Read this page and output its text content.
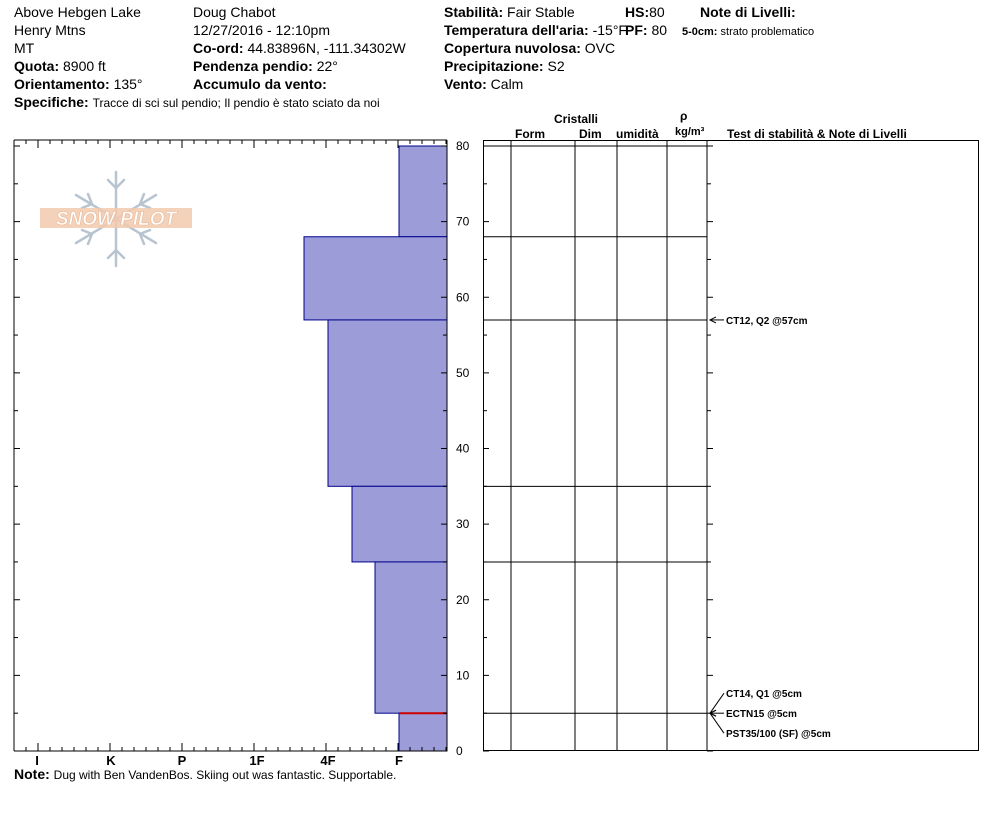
Above Hebgen Lake
Henry Mtns
MT
Quota: 8900 ft
Orientamento: 135°
Specifiche: Tracce di sci sul pendio; Il pendio è stato sciato da noi
Doug Chabot
12/27/2016 - 12:10pm
Co-ord: 44.83896N, -111.34302W
Pendenza pendio: 22°
Accumulo da vento:
Stabilità: Fair Stable
Temperatura dell'aria: -15°F
Copertura nuvolosa: OVC
Precipitazione: S2
Vento: Calm
HS:80
PF: 80
Note di Livelli:
5-0cm: strato problematico
SNOW PILOT
0
10
20
30
40
50
60
70
80
I	K	P	1F	4F	F
Cristalli
Form	Dim umidità
ρ
kg/m³ Test di stabilità & Note di Livelli
CT14, Q1 @5cm
ECTN15 @5cm
PST35/100 (SF) @5cm
CT12, Q2 @57cm
Note: Dug with Ben VandenBos. Skiing out was fantastic. Supportable.
